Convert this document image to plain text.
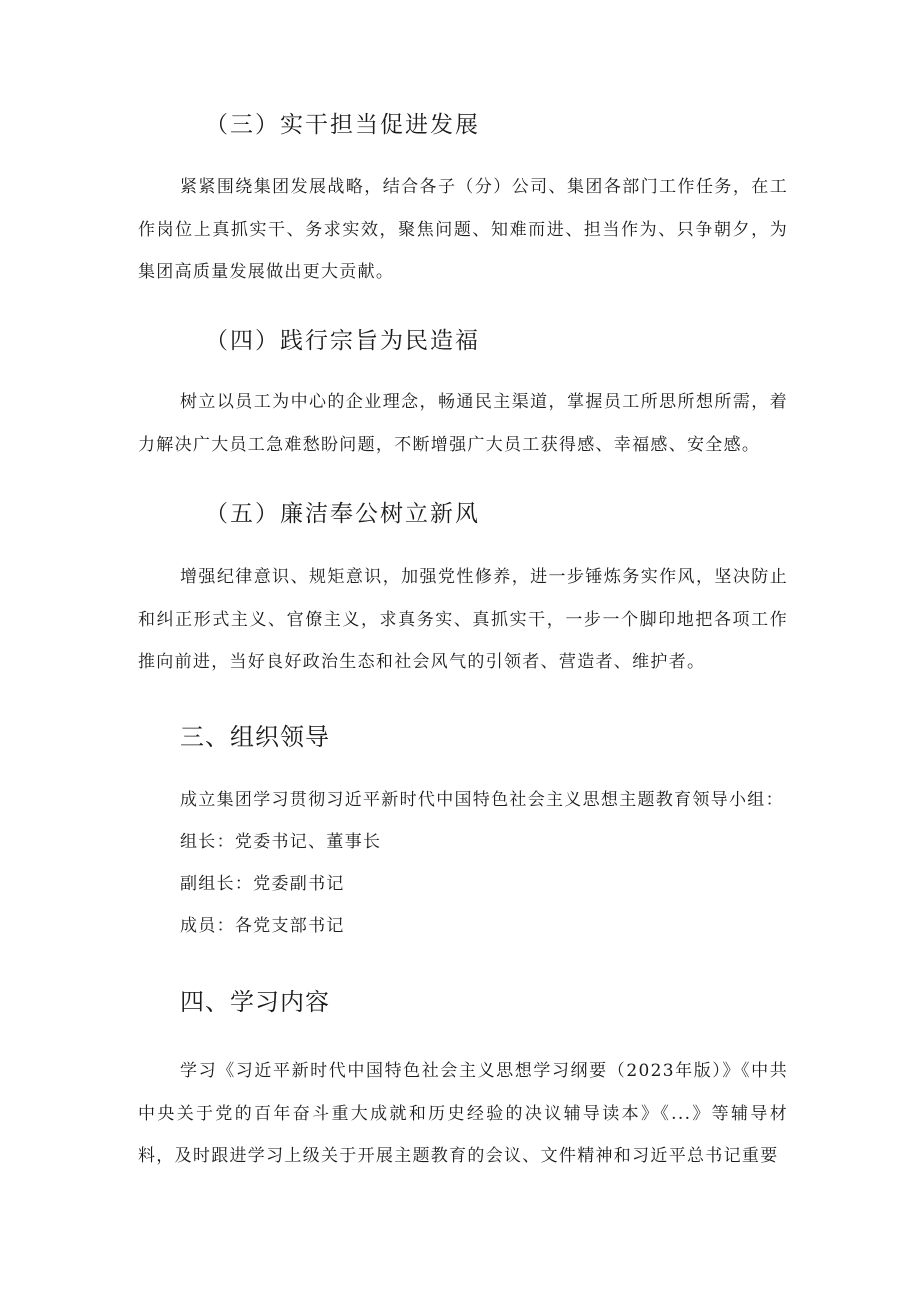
（三）实干担当促进发展
紧紧围绕集团发展战略，结合各子（分）公司、集团各部门工作任务，在工作岗位上真抓实干、务求实效，聚焦问题、知难而进、担当作为、只争朝夕，为集团高质量发展做出更大贡献。
（四）践行宗旨为民造福
树立以员工为中心的企业理念，畅通民主渠道，掌握员工所思所想所需，着力解决广大员工急难愁盼问题，不断增强广大员工获得感、幸福感、安全感。
（五）廉洁奉公树立新风
增强纪律意识、规矩意识，加强党性修养，进一步锤炼务实作风，坚决防止和纠正形式主义、官僚主义，求真务实、真抓实干，一步一个脚印地把各项工作推向前进，当好良好政治生态和社会风气的引领者、营造者、维护者。
三、组织领导
成立集团学习贯彻习近平新时代中国特色社会主义思想主题教育领导小组：
组长：党委书记、董事长
副组长：党委副书记
成员：各党支部书记
四、学习内容
学习《习近平新时代中国特色社会主义思想学习纲要（2023年版）》《中共中央关于党的百年奋斗重大成就和历史经验的决议辅导读本》《...》等辅导材料，及时跟进学习上级关于开展主题教育的会议、文件精神和习近平总书记重要
